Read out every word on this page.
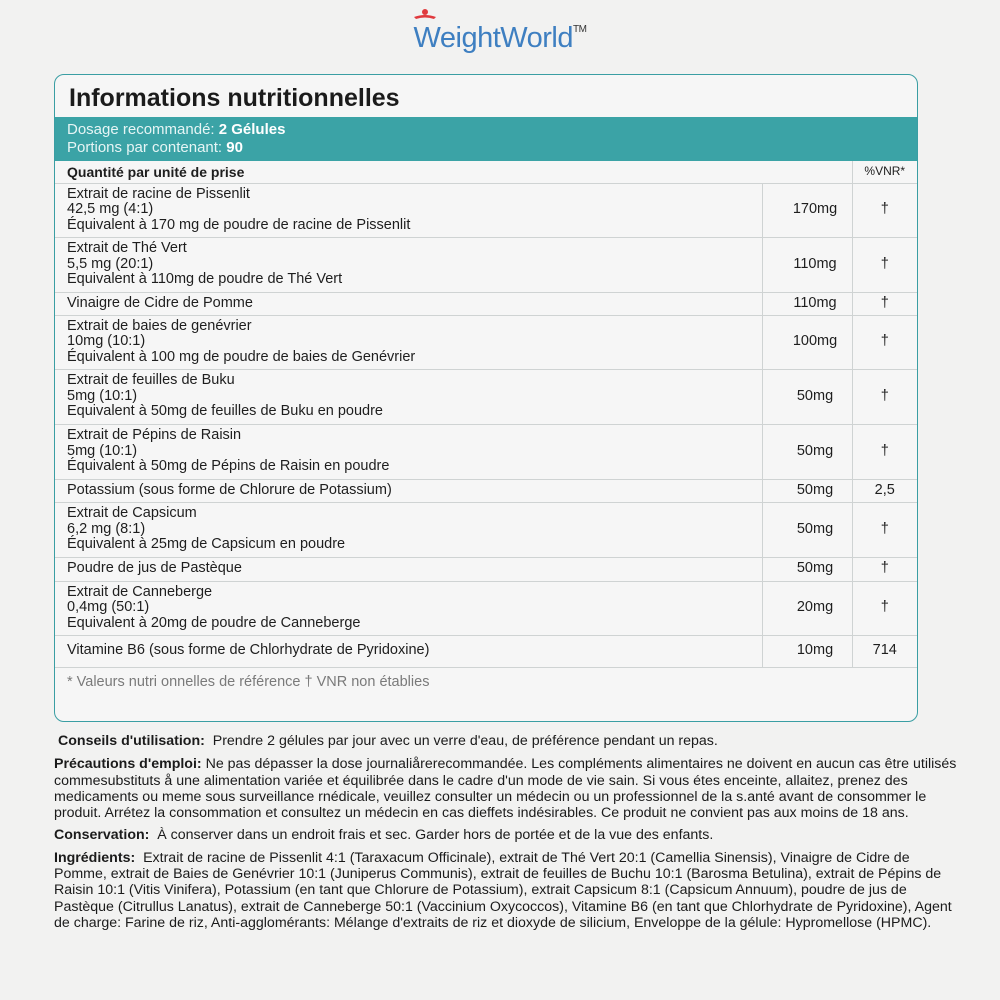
WeightWorld™
Informations nutritionnelles
Dosage recommandé: 2 Gélules
Portions par contenant: 90
Quantité par unité de prise		%VNR*

Extrait de racine de Pissenlit
42,5 mg (4:1)
Équivalent à 170 mg de poudre de racine de Pissenlit	170mg	†

Extrait de Thé Vert
5,5 mg (20:1)
Equivalent à 110mg de poudre de Thé Vert	110mg	†

Vinaigre de Cidre de Pomme	110mg	†

Extrait de baies de genévrier
10mg (10:1)
Équivalent à 100 mg de poudre de baies de Genévrier	100mg	†

Extrait de feuilles de Buku
5mg (10:1)
Equivalent à 50mg de feuilles de Buku en poudre	50mg	†

Extrait de Pépins de Raisin
5mg (10:1)
Équivalent à 50mg de Pépins de Raisin en poudre	50mg	†

Potassium (sous forme de Chlorure de Potassium)	50mg	2,5

Extrait de Capsicum
6,2 mg (8:1)
Équivalent à 25mg de Capsicum en poudre	50mg	†

Poudre de jus de Pastèque	50mg	†

Extrait de Canneberge
0,4mg (50:1)
Equivalent à 20mg de poudre de Canneberge	20mg	†

Vitamine B6 (sous forme de Chlorhydrate de Pyridoxine)	10mg	714
* Valeurs nutri onnelles de référence † VNR non établies

Conseils d'utilisation:  Prendre 2 gélules par jour avec un verre d'eau, de préférence pendant un repas.

Précautions d'emploi: Ne pas dépasser la dose journaliårerecommandée. Les compléments alimentaires ne doivent en aucun cas être utilisés commesubstituts å une alimentation variée et équilibrée dans le cadre d'un mode de vie sain. Si vous étes enceinte, allaitez, prenez des medicaments ou meme sous surveillance rnédicale, veuillez consulter un médecin ou un professionnel de la s.anté avant de consommer le produit. Arrétez la consommation et consultez un médecin en cas dieffets indésirables. Ce produit ne convient pas aux moins de 18 ans.

Conservation:  À conserver dans un endroit frais et sec. Garder hors de portée et de la vue des enfants.

Ingrédients:  Extrait de racine de Pissenlit 4:1 (Taraxacum Officinale), extrait de Thé Vert 20:1 (Camellia Sinensis), Vinaigre de Cidre de Pomme, extrait de Baies de Genévrier 10:1 (Juniperus Communis), extrait de feuilles de Buchu 10:1 (Barosma Betulina), extrait de Pépins de Raisin 10:1 (Vitis Vinifera), Potassium (en tant que Chlorure de Potassium), extrait Capsicum 8:1 (Capsicum Annuum), poudre de jus de Pastèque (Citrullus Lanatus), extrait de Canneberge 50:1 (Vaccinium Oxycoccos), Vitamine B6 (en tant que Chlorhydrate de Pyridoxine), Agent de charge: Farine de riz, Anti-agglomérants: Mélange d'extraits de riz et dioxyde de silicium, Enveloppe de la gélule: Hypromellose (HPMC).
